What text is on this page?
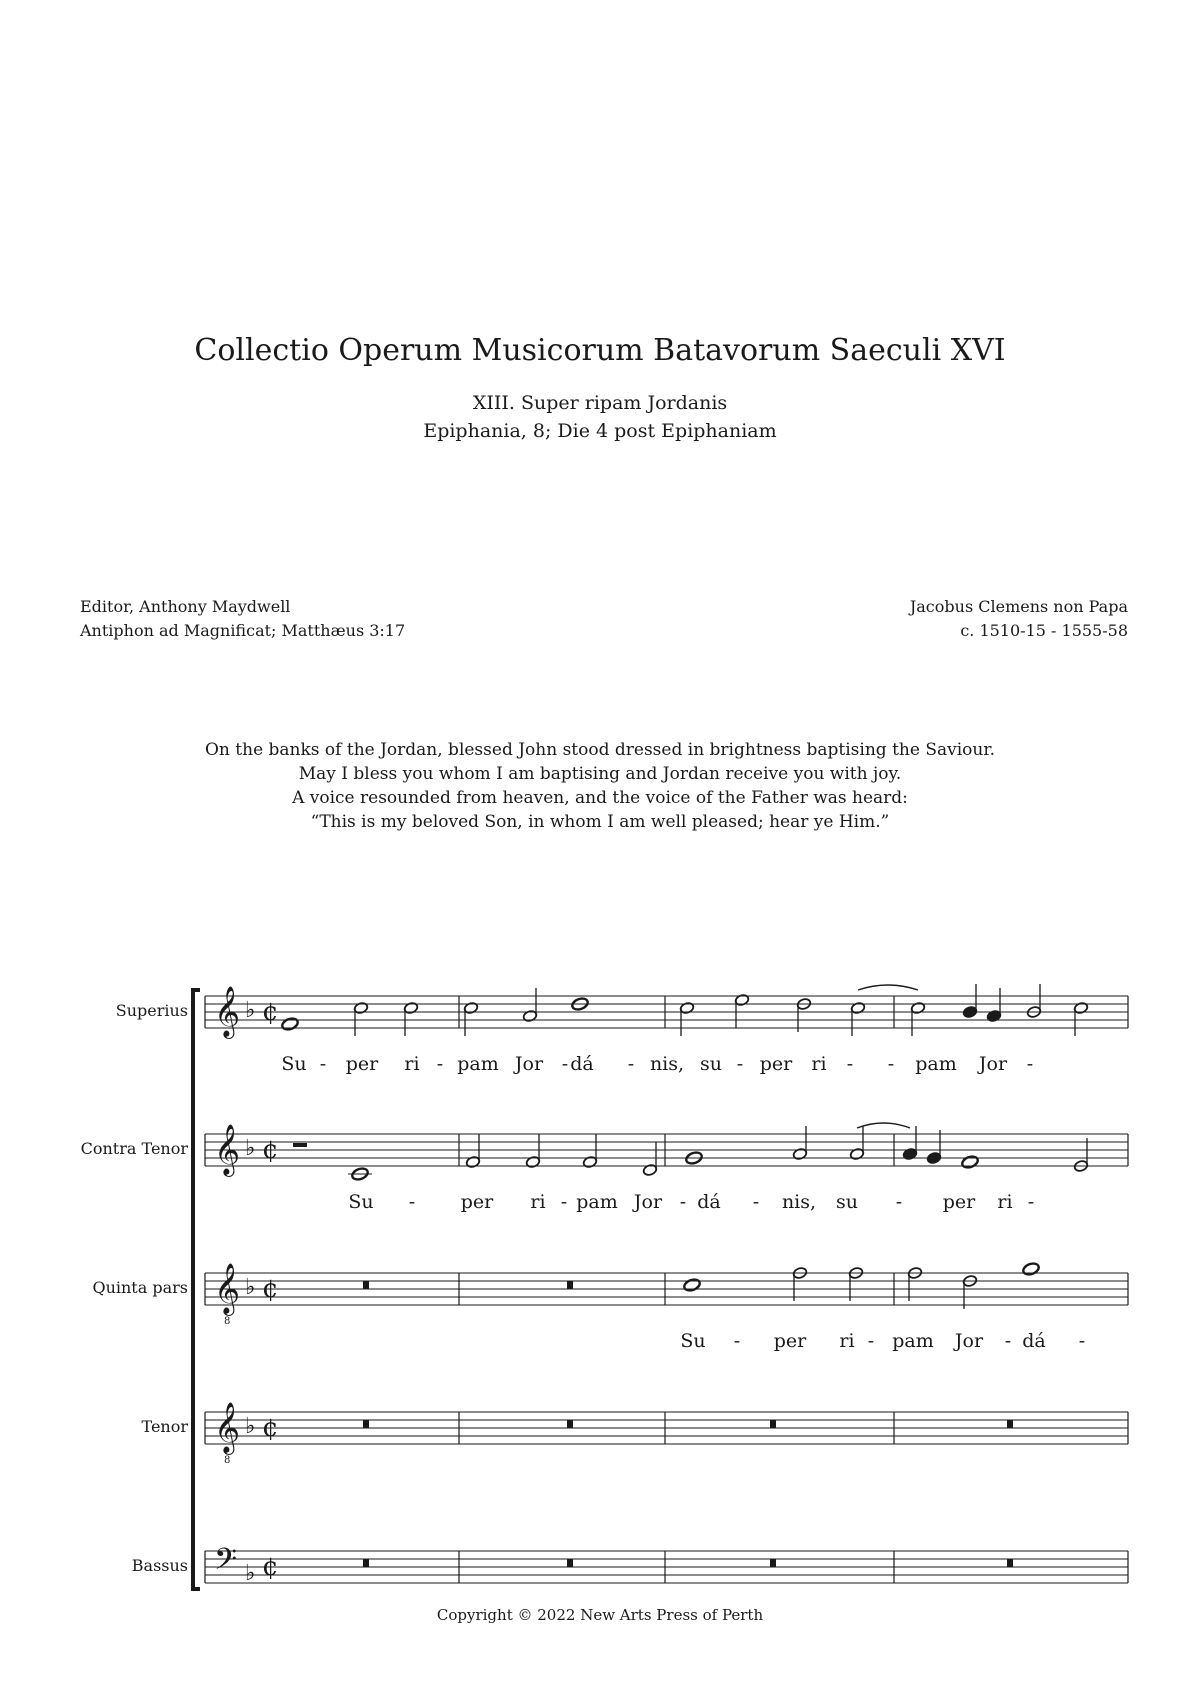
Collectio Operum Musicorum Batavorum Saeculi XVI
XIII. Super ripam Jordanis
Epiphania, 8; Die 4 post Epiphaniam
Editor, Anthony Maydwell
Antiphon ad Magnificat; Matthæus 3:17
Jacobus Clemens non Papa
c. 1510-15 - 1555-58
On the banks of the Jordan, blessed John stood dressed in brightness baptising the Saviour.
May I bless you whom I am baptising and Jordan receive you with joy.
A voice resounded from heaven, and the voice of the Father was heard:
“This is my beloved Son, in whom I am well pleased; hear ye Him.”
Superius 𝄞 ♭ ¢
Su - per ri - pam Jor - dá - nis, su - per ri - - pam Jor -
Contra Tenor 𝄞 ♭ ¢
Su - per ri - pam Jor - dá - nis, su - per ri -
Quinta pars 𝄞
8
♭ ¢
Su - per ri - pam Jor - dá -
Tenor 𝄞
8
♭ ¢
Bassus 𝄢 ♭ ¢
Copyright © 2022 New Arts Press of Perth
